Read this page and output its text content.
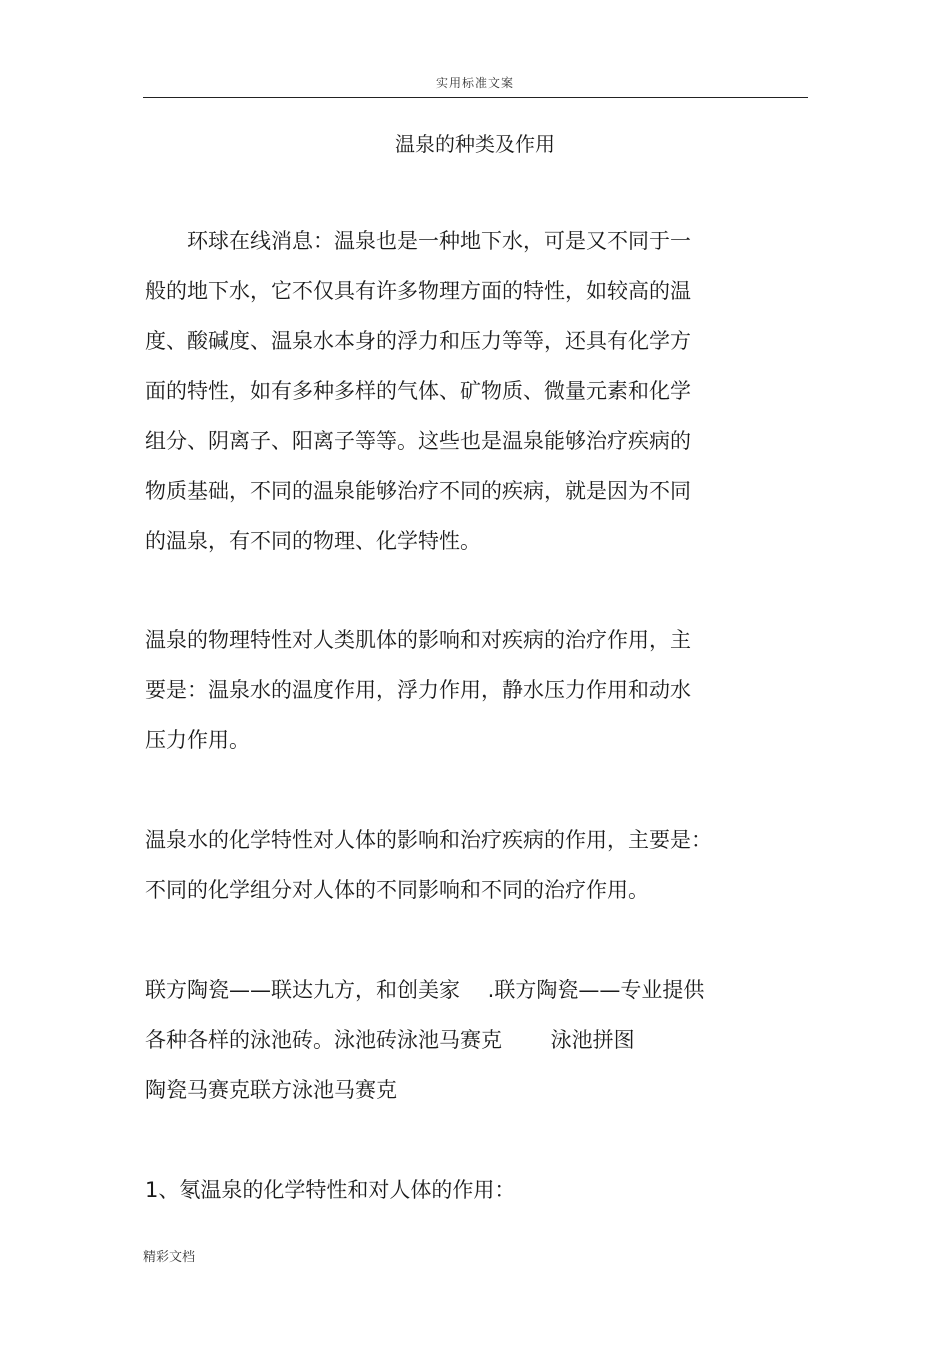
实用标准文案
温泉的种类及作用

　　环球在线消息：温泉也是一种地下水，可是又不同于一
般的地下水，它不仅具有许多物理方面的特性，如较高的温
度、酸碱度、温泉水本身的浮力和压力等等，还具有化学方
面的特性，如有多种多样的气体、矿物质、微量元素和化学
组分、阴离子、阳离子等等。这些也是温泉能够治疗疾病的
物质基础，不同的温泉能够治疗不同的疾病，就是因为不同
的温泉，有不同的物理、化学特性。

温泉的物理特性对人类肌体的影响和对疾病的治疗作用，主
要是：温泉水的温度作用，浮力作用，静水压力作用和动水
压力作用。

温泉水的化学特性对人体的影响和治疗疾病的作用，主要是：
不同的化学组分对人体的不同影响和不同的治疗作用。

联方陶瓷——联达九方，和创美家　 .联方陶瓷——专业提供
各种各样的泳池砖。泳池砖泳池马赛克　　 泳池拼图
陶瓷马赛克联方泳池马赛克

1、氡温泉的化学特性和对人体的作用：

精彩文档
